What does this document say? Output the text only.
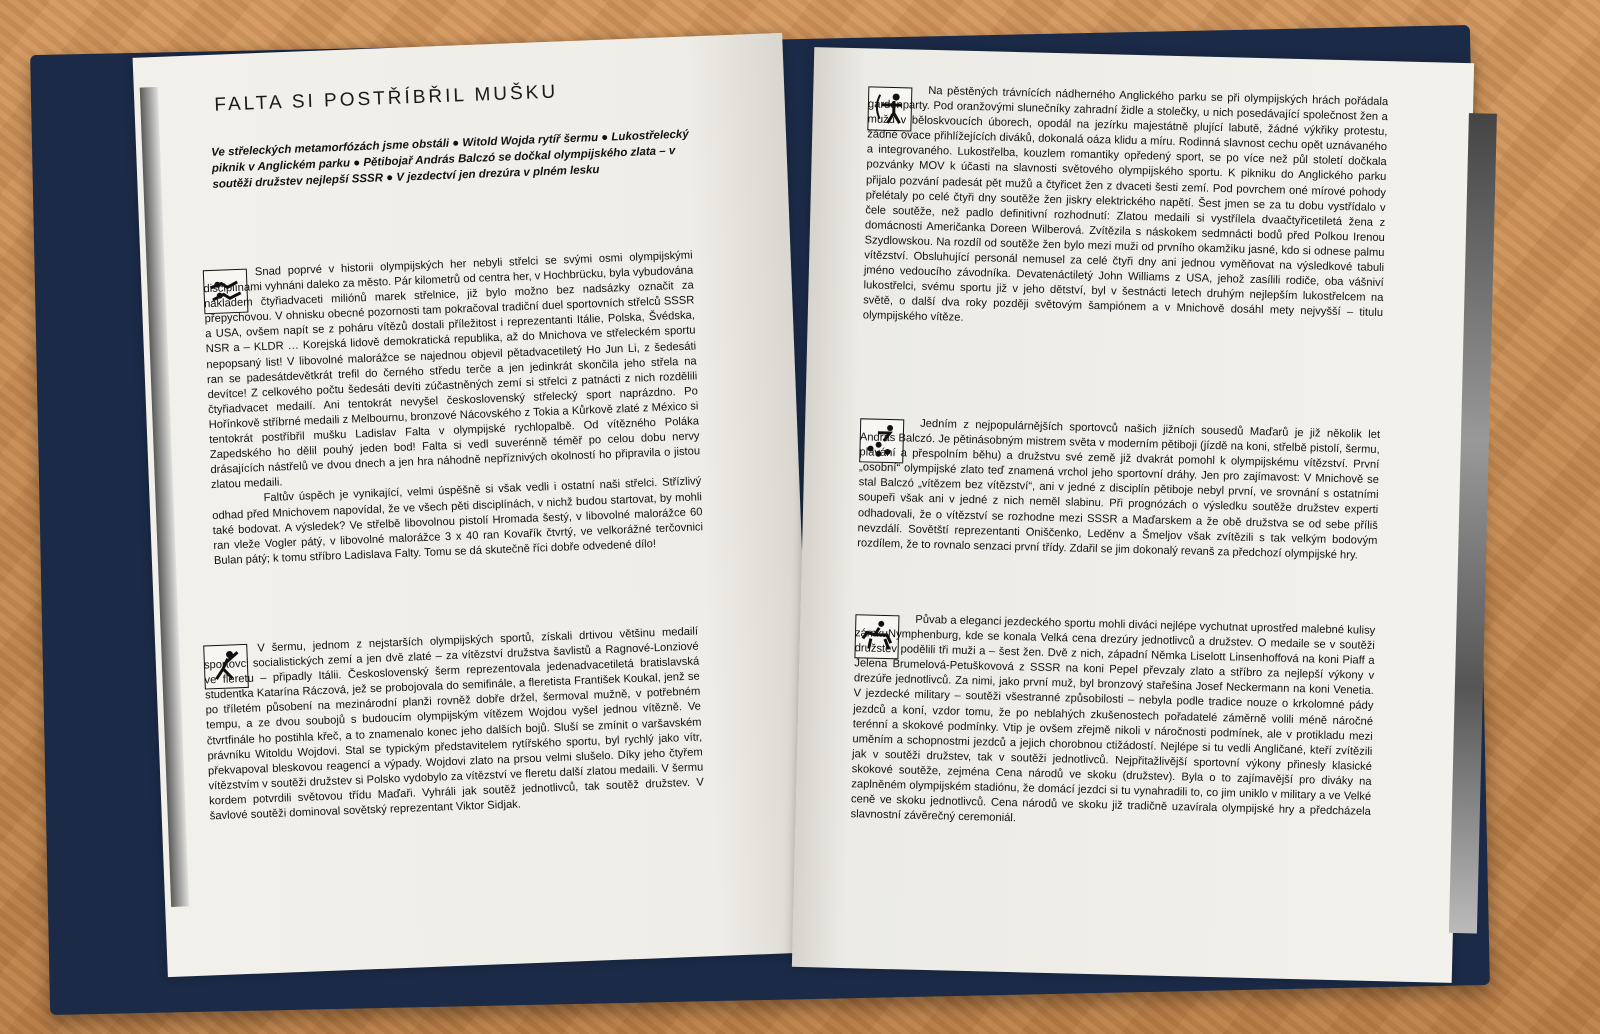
FALTA SI POSTŘÍBŘIL MUŠKU
Ve střeleckých metamorfózách jsme obstáli ● Witold Wojda rytíř šermu ● Lukostřelecký piknik v Anglickém parku ● Pětibojař András Balczó se dočkal olympijského zlata – v soutěži družstev nejlepší SSSR ● V jezdectví jen drezúra v plném lesku

Snad poprvé v historii olympijských her nebyli střelci se svými osmi olympijskými disciplínami vyhnáni daleko za město. Pár kilometrů od centra her, v Hochbrücku, byla vybudována nákladem čtyřiadvaceti miliónů marek střelnice, již bylo možno bez nadsázky označit za přepychovou. V ohnisku obecné pozornosti tam pokračoval tradiční duel sportovních střelců SSSR a USA, ovšem napít se z poháru vítězů dostali příležitost i reprezentanti Itálie, Polska, Švédska, NSR a – KLDR … Korejská lidově demokratická republika, až do Mnichova ve střeleckém sportu nepopsaný list! V libovolné malorážce se najednou objevil pětadvacetiletý Ho Jun Li, z šedesáti ran se padesátdevětkrát trefil do černého středu terče a jen jedinkrát skončila jeho střela na devítce! Z celkového počtu šedesáti devíti zúčastněných zemí si střelci z patnácti z nich rozdělili čtyřiadvacet medailí. Ani tentokrát nevyšel československý střelecký sport naprázdno. Po Hořínkově stříbrné medaili z Melbournu, bronzové Nácovského z Tokia a Kůrkově zlaté z México si tentokrát postříbřil mušku Ladislav Falta v olympijské rychlopalbě. Od vítězného Poláka Zapedského ho dělil pouhý jeden bod! Falta si vedl suverénně téměř po celou dobu nervy drásajících nástřelů ve dvou dnech a jen hra náhodně nepříznivých okolností ho připravila o jistou zlatou medaili.

Faltův úspěch je vynikající, velmi úspěšně si však vedli i ostatní naši střelci. Střízlivý odhad před Mnichovem napovídal, že ve všech pěti disciplínách, v nichž budou startovat, by mohli také bodovat. A výsledek? Ve střelbě libovolnou pistolí Hromada šestý, v libovolné malorážce 60 ran vleže Vogler pátý, v libovolné malorážce 3 x 40 ran Kovařík čtvrtý, ve velkorážné terčovnici Bulan pátý; k tomu stříbro Ladislava Falty. Tomu se dá skutečně říci dobře odvedené dílo!

V šermu, jednom z nejstarších olympijských sportů, získali drtivou většinu medailí sportovci socialistických zemí a jen dvě zlaté – za vítězství družstva šavlistů a Ragnové-Lonziové ve fleretu – připadly Itálii. Československý šerm reprezentovala jedenadvacetiletá bratislavská studentka Katarína Ráczová, jež se probojovala do semifinále, a fleretista František Koukal, jenž se po tříletém působení na mezinárodní planži rovněž dobře držel, šermoval mužně, v potřebném tempu, a ze dvou soubojů s budoucím olympijským vítězem Wojdou vyšel jednou vítězně. Ve čtvrtfinále ho postihla křeč, a to znamenalo konec jeho dalších bojů. Sluší se zmínit o varšavském právníku Witoldu Wojdovi. Stal se typickým představitelem rytířského sportu, byl rychlý jako vítr, překvapoval bleskovou reagencí a výpady. Wojdovi zlato na prsou velmi slušelo. Díky jeho čtyřem vítězstvím v soutěži družstev si Polsko vydobylo za vítězství ve fleretu další zlatou medaili. V šermu kordem potvrdili světovou třídu Maďaři. Vyhráli jak soutěž jednotlivců, tak soutěž družstev. V šavlové soutěži dominoval sovětský reprezentant Viktor Sidjak.

Na pěstěných trávnících nádherného Anglického parku se při olympijských hrách pořádala gardenparty. Pod oranžovými slunečníky zahradní židle a stolečky, u nich posedávající společnost žen a mužů v běloskvoucích úborech, opodál na jezírku majestátně plující labutě, žádné výkřiky protestu, žádné ovace přihlížejících diváků, dokonalá oáza klidu a míru. Rodinná slavnost cechu opět uznávaného a integrovaného. Lukostřelba, kouzlem romantiky opředený sport, se po více než půl století dočkala pozvánky MOV k účasti na slavnosti světového olympijského sportu. K pikniku do Anglického parku přijalo pozvání padesát pět mužů a čtyřicet žen z dvaceti šesti zemí. Pod povrchem oné mírové pohody přelétaly po celé čtyři dny soutěže žen jiskry elektrického napětí. Šest jmen se za tu dobu vystřídalo v čele soutěže, než padlo definitivní rozhodnutí: Zlatou medaili si vystřílela dvaačtyřicetiletá žena z domácnosti Američanka Doreen Wilberová. Zvítězila s náskokem sedmnácti bodů před Polkou Irenou Szydlowskou. Na rozdíl od soutěže žen bylo mezi muži od prvního okamžiku jasné, kdo si odnese palmu vítězství. Obsluhující personál nemusel za celé čtyři dny ani jednou vyměňovat na výsledkové tabuli jméno vedoucího závodníka. Devatenáctiletý John Williams z USA, jehož zasílili rodiče, oba vášniví lukostřelci, svému sportu již v jeho dětství, byl v šestnácti letech druhým nejlepším lukostřelcem na světě, o další dva roky později světovým šampiónem a v Mnichově dosáhl mety nejvyšší – titulu olympijského vítěze.

Jedním z nejpopulárnějších sportovců našich jižních sousedů Maďarů je již několik let András Balczó. Je pětinásobným mistrem světa v moderním pětiboji (jízdě na koni, střelbě pistolí, šermu, plavání a přespolním běhu) a družstvu své země již dvakrát pomohl k olympijskému vítězství. První „osobní“ olympijské zlato teď znamená vrchol jeho sportovní dráhy. Jen pro zajímavost: V Mnichově se stal Balczó „vítězem bez vítězství“, ani v jedné z disciplín pětiboje nebyl první, ve srovnání s ostatními soupeři však ani v jedné z nich neměl slabinu. Při prognózách o výsledku soutěže družstev experti odhadovali, že o vítězství se rozhodne mezi SSSR a Maďarskem a že obě družstva se od sebe příliš nevzdálí. Sovětští reprezentanti Oniščenko, Leděnv a Šmeljov však zvítězili s tak velkým bodovým rozdílem, že to rovnalo senzaci první třídy. Zdařil se jim dokonalý revanš za předchozí olympijské hry.

Půvab a eleganci jezdeckého sportu mohli diváci nejlépe vychutnat uprostřed malebné kulisy zámkuNymphenburg, kde se konala Velká cena drezúry jednotlivců a družstev. O medaile se v soutěži družstev podělili tři muži a – šest žen. Dvě z nich, západní Němka Liselott Linsenhoffová na koni Piaff a Jelena Brumelová-Petuškovová z SSSR na koni Pepel převzaly zlato a stříbro za nejlepší výkony v drezúře jednotlivců. Za nimi, jako první muž, byl bronzový stařešina Josef Neckermann na koni Venetia. V jezdecké military – soutěži všestranné způsobilosti – nebyla podle tradice nouze o krkolomné pády jezdců a koní, vzdor tomu, že po neblahých zkušenostech pořadatelé záměrně volili méně náročné terénní a skokové podmínky. Vtip je ovšem zřejmě nikoli v náročnosti podmínek, ale v protikladu mezi uměním a schopnostmi jezdců a jejich chorobnou ctižádostí. Nejlépe si tu vedli Angličané, kteří zvítězili jak v soutěži družstev, tak v soutěži jednotlivců. Nejpřitažlivější sportovní výkony přinesly klasické skokové soutěže, zejména Cena národů ve skoku (družstev). Byla o to zajímavější pro diváky na zaplněném olympijském stadiónu, že domácí jezdci si tu vynahradili to, co jim uniklo v military a ve Velké ceně ve skoku jednotlivců. Cena národů ve skoku již tradičně uzavírala olympijské hry a předcházela slavnostní závěrečný ceremoniál.
